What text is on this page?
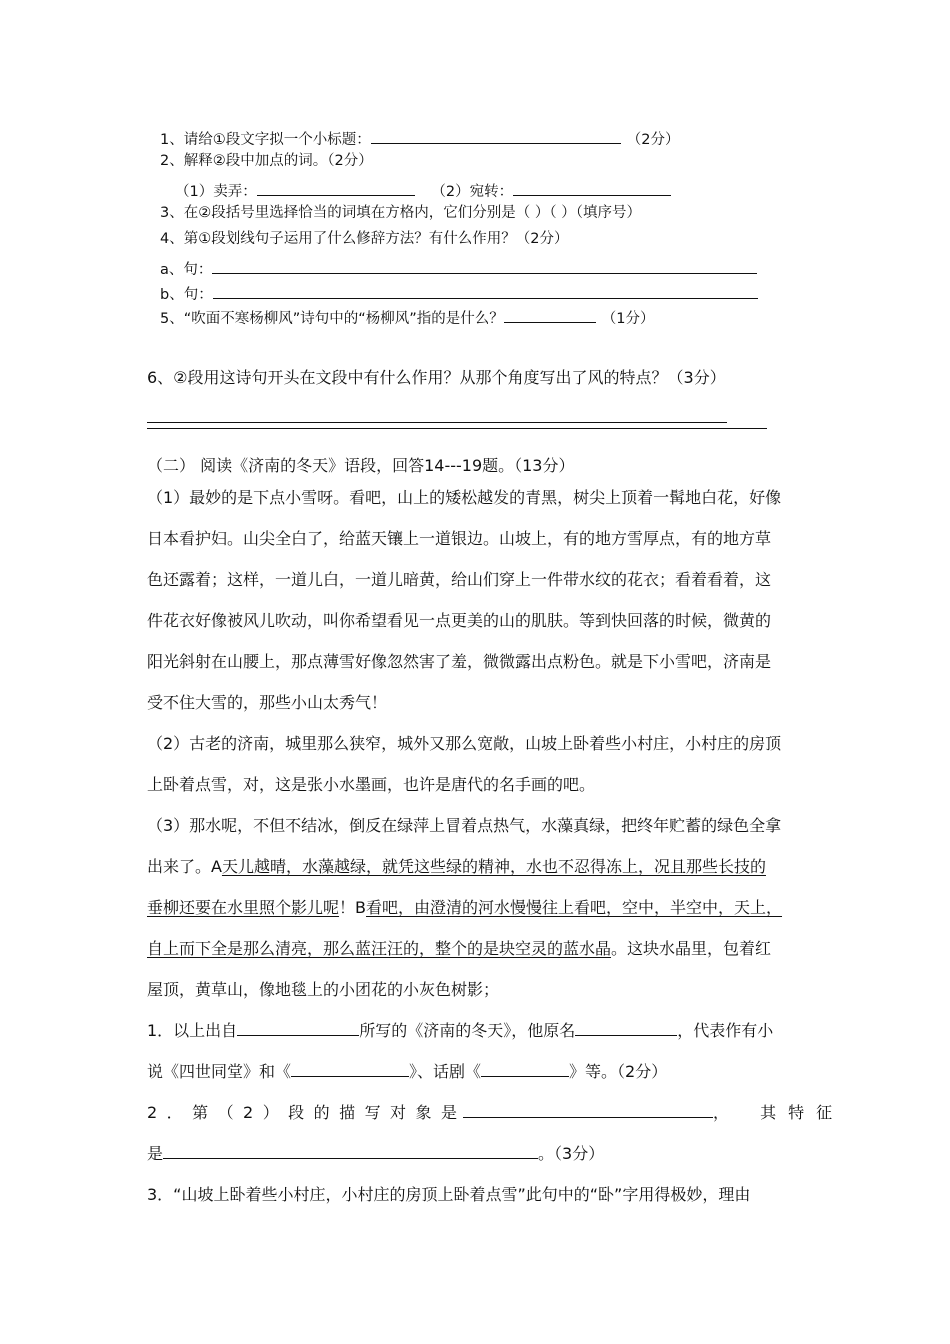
1、请给①段文字拟一个小标题：	（2分）
2、解释②段中加点的词。（2分）
（1）卖弄：	（2）宛转：
3、在②段括号里选择恰当的词填在方格内，它们分别是（ ）（ ）（填序号）
4、第①段划线句子运用了什么修辞方法？有什么作用？（2分）
a、句：
b、句：
5、“吹面不寒杨柳风”诗句中的“杨柳风”指的是什么？	（1分）
6、②段用这诗句开头在文段中有什么作用？从那个角度写出了风的特点？（3分）
（二） 阅读《济南的冬天》语段，回答14---19题。（13分）
（1）最妙的是下点小雪呀。看吧，山上的矮松越发的青黑，树尖上顶着一髯地白花，好像
日本看护妇。山尖全白了，给蓝天镶上一道银边。山坡上，有的地方雪厚点，有的地方草
色还露着；这样，一道儿白，一道儿暗黄，给山们穿上一件带水纹的花衣；看着看着，这
件花衣好像被风儿吹动，叫你希望看见一点更美的山的肌肤。等到快回落的时候，微黄的
阳光斜射在山腰上，那点薄雪好像忽然害了羞，微微露出点粉色。就是下小雪吧，济南是
受不住大雪的，那些小山太秀气！
（2）古老的济南，城里那么狭窄，城外又那么宽敞，山坡上卧着些小村庄，小村庄的房顶
上卧着点雪，对，这是张小水墨画，也许是唐代的名手画的吧。
（3）那水呢，不但不结冰，倒反在绿萍上冒着点热气，水藻真绿，把终年贮蓄的绿色全拿
出来了。A天儿越晴，水藻越绿，就凭这些绿的精神，水也不忍得冻上，况且那些长技的
垂柳还要在水里照个影儿呢！B看吧，由澄清的河水慢慢往上看吧，空中，半空中，天上，
自上而下全是那么清亮，那么蓝汪汪的，整个的是块空灵的蓝水晶。这块水晶里，包着红
屋顶，黄草山，像地毯上的小团花的小灰色树影；
1．以上出自	所写的《济南的冬天》，他原名	，代表作有小
说《四世同堂》和《	》、话剧《	》等。（2分）
2 ． 第 （ 2 ） 段 的 描 写 对 象 是	， 其 特 征
是	。（3分）
3．“山坡上卧着些小村庄，小村庄的房顶上卧着点雪”此句中的“卧”字用得极妙，理由
